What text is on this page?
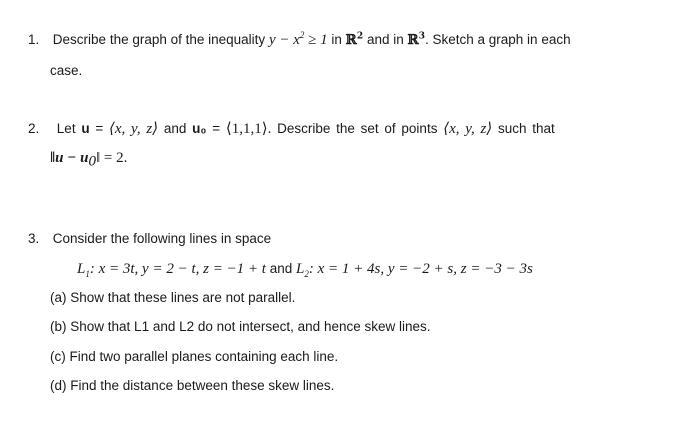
1. Describe the graph of the inequality $y - x^2 \ge 1$ in ℝ$^2$ and in ℝ$^3$. Sketch a graph in each
case.
2. Let u = ⟨x, y, z⟩ and u₀ = ⟨1,1,1⟩. Describe the set of points ⟨x, y, z⟩ such that
‖u − $u_0‖ = 2$.
3. Consider the following lines in space
$L_1$: x = 3t, y = 2 − t, z = −1 + t and $L_2$: x = 1 + 4s, y = −2 + s, z = −3 − 3s
(a) Show that these lines are not parallel.
(b) Show that L1 and L2 do not intersect, and hence skew lines.
(c) Find two parallel planes containing each line.
(d) Find the distance between these skew lines.
